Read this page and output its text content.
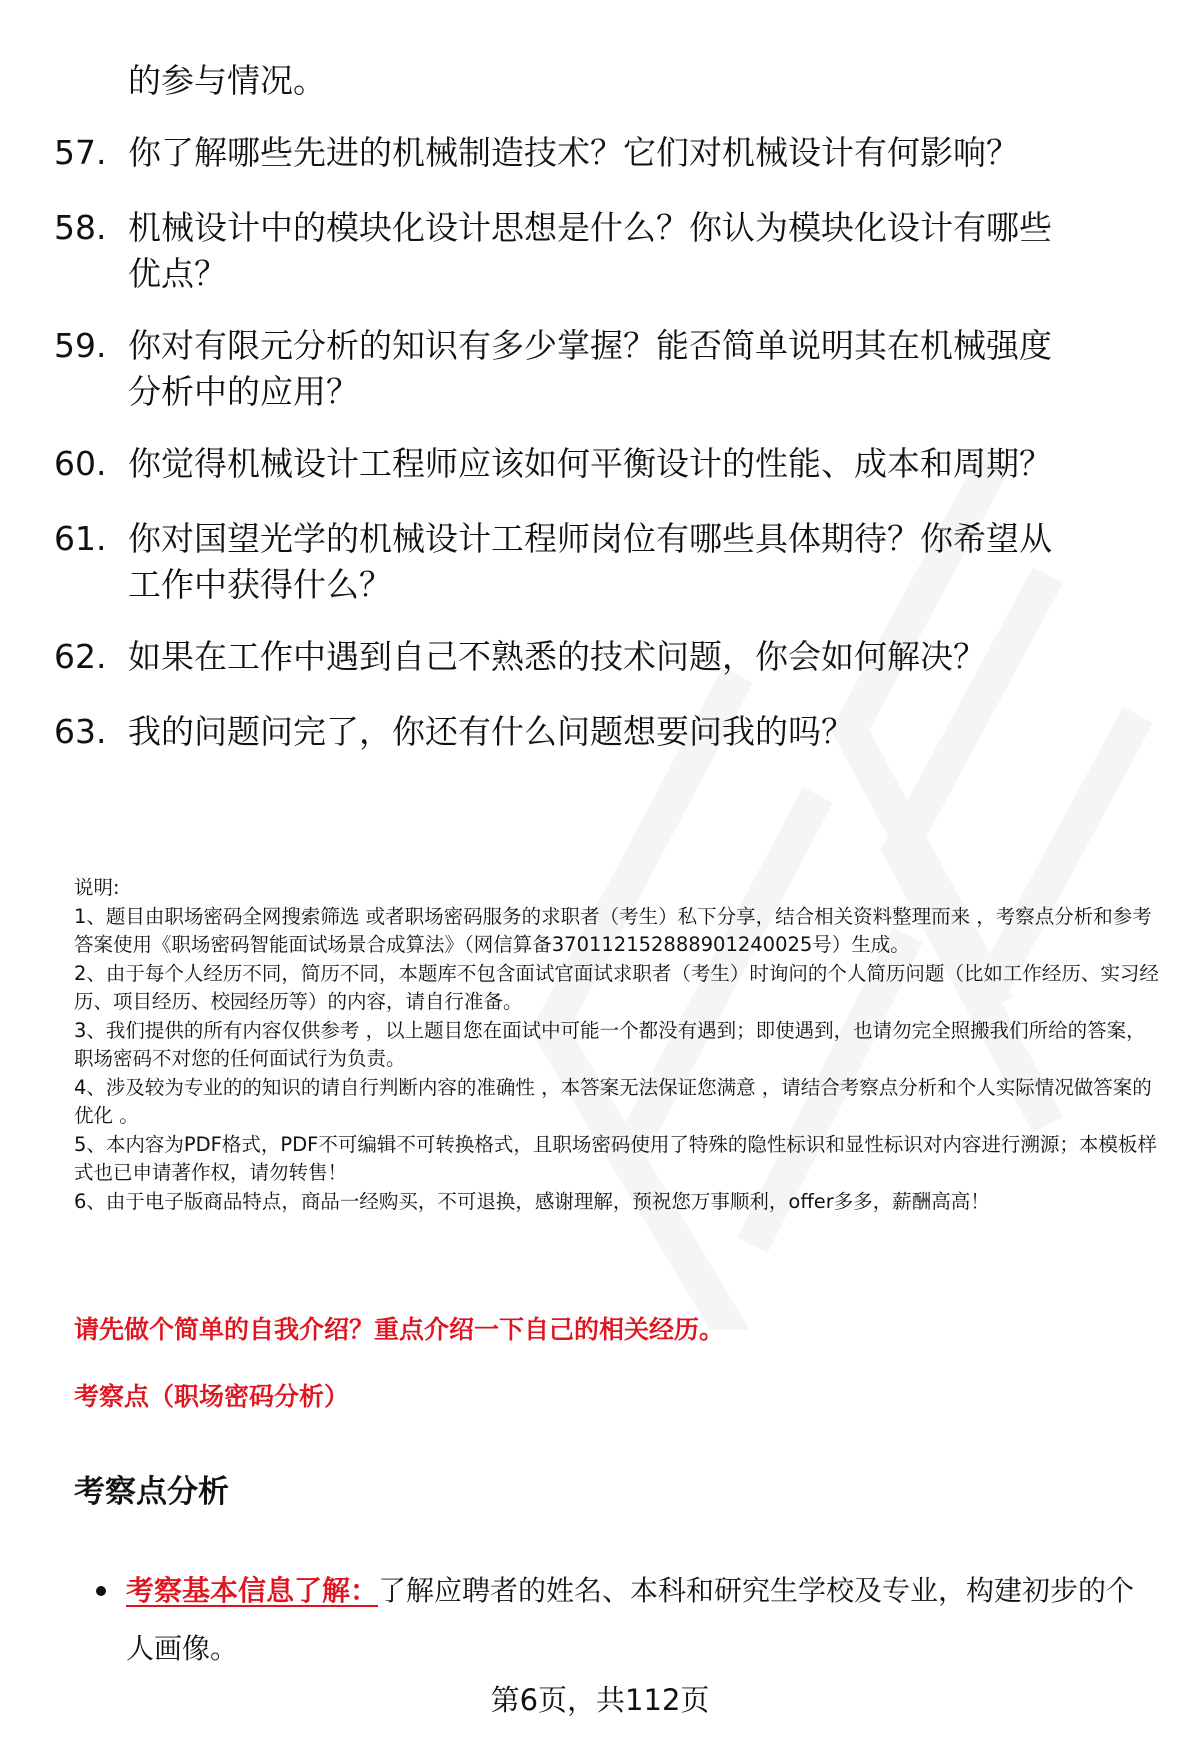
的参与情况。
57. 你了解哪些先进的机械制造技术？它们对机械设计有何影响？
58. 机械设计中的模块化设计思想是什么？你认为模块化设计有哪些
优点？
59. 你对有限元分析的知识有多少掌握？能否简单说明其在机械强度
分析中的应用？
60. 你觉得机械设计工程师应该如何平衡设计的性能、成本和周期？
61. 你对国望光学的机械设计工程师岗位有哪些具体期待？你希望从
工作中获得什么？
62. 如果在工作中遇到自己不熟悉的技术问题，你会如何解决？
63. 我的问题问完了，你还有什么问题想要问我的吗？

说明:

1、题目由职场密码全网搜索筛选 或者职场密码服务的求职者（考生）私下分享，结合相关资料整理而来 ，考察点分析和参考答案使用《职场密码智能面试场景合成算法》（网信算备370112152888901240025号）生成。

2、由于每个人经历不同，简历不同，本题库不包含面试官面试求职者（考生）时询问的个人简历问题（比如工作经历、实习经历、项目经历、校园经历等）的内容，请自行准备。

3、我们提供的所有内容仅供参考 ，以上题目您在面试中可能一个都没有遇到；即使遇到，也请勿完全照搬我们所给的答案，职场密码不对您的任何面试行为负责。

4、涉及较为专业的的知识的请自行判断内容的准确性 ，本答案无法保证您满意 ，请结合考察点分析和个人实际情况做答案的优化 。

5、本内容为PDF格式，PDF不可编辑不可转换格式，且职场密码使用了特殊的隐性标识和显性标识对内容进行溯源；本模板样式也已申请著作权，请勿转售！

6、由于电子版商品特点，商品一经购买，不可退换，感谢理解，预祝您万事顺利，offer多多，薪酬高高！

请先做个简单的自我介绍？重点介绍一下自己的相关经历。
考察点（职场密码分析）
考察点分析
考察基本信息了解：了解应聘者的姓名、本科和研究生学校及专业，构建初步的个人画像。
第6页，共112页
